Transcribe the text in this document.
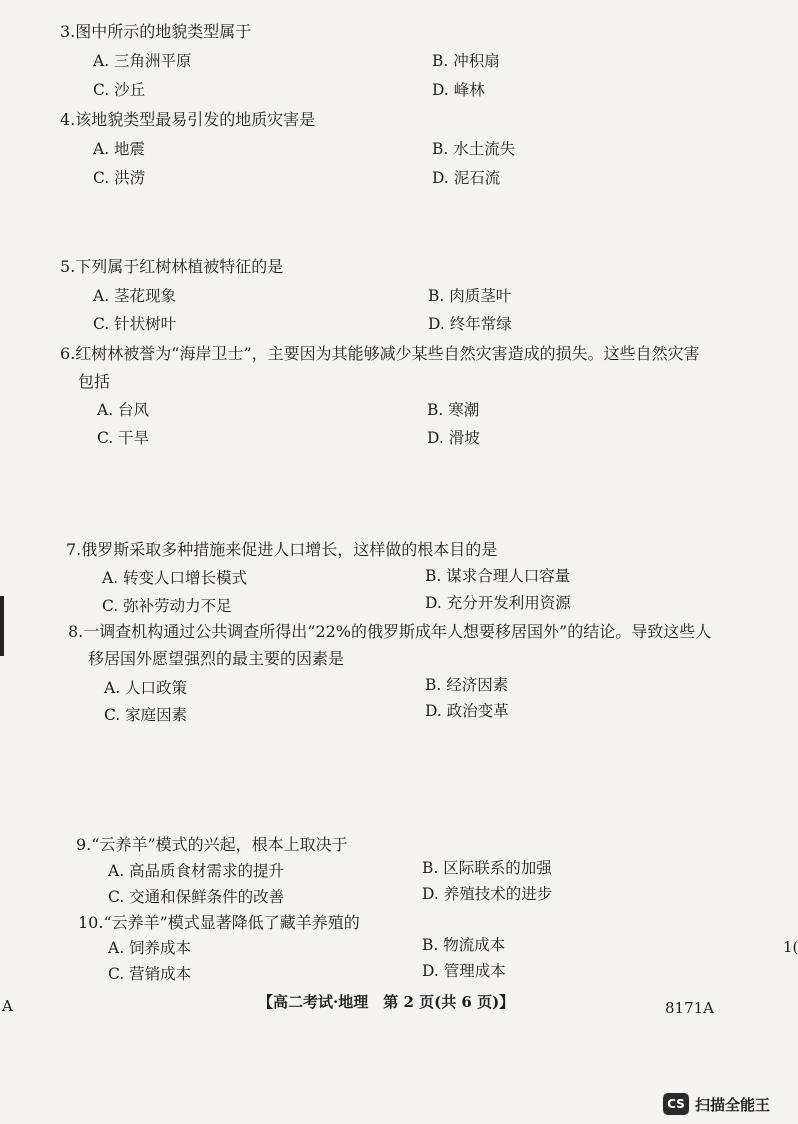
3.图中所示的地貌类型属于
A. 三角洲平原	B. 冲积扇
C. 沙丘	D. 峰林
4.该地貌类型最易引发的地质灾害是
A. 地震	B. 水土流失
C. 洪涝	D. 泥石流

5.下列属于红树林植被特征的是
A. 茎花现象	B. 肉质茎叶
C. 针状树叶	D. 终年常绿
6.红树林被誉为“海岸卫士”，主要因为其能够减少某些自然灾害造成的损失。这些自然灾害
包括
A. 台风	B. 寒潮
C. 干旱	D. 滑坡

7.俄罗斯采取多种措施来促进人口增长，这样做的根本目的是
A. 转变人口增长模式	B. 谋求合理人口容量
C. 弥补劳动力不足	D. 充分开发利用资源
8.一调查机构通过公共调查所得出“22%的俄罗斯成年人想要移居国外”的结论。导致这些人
移居国外愿望强烈的最主要的因素是
A. 人口政策	B. 经济因素
C. 家庭因素	D. 政治变革

9.“云养羊”模式的兴起，根本上取决于
A. 高品质食材需求的提升	B. 区际联系的加强
C. 交通和保鲜条件的改善	D. 养殖技术的进步
10.“云养羊”模式显著降低了藏羊养殖的
A. 饲养成本	B. 物流成本
C. 营销成本	D. 管理成本
1(
A	【高二考试·地理　第 2 页(共 6 页)】	8171A
CS 扫描全能王
